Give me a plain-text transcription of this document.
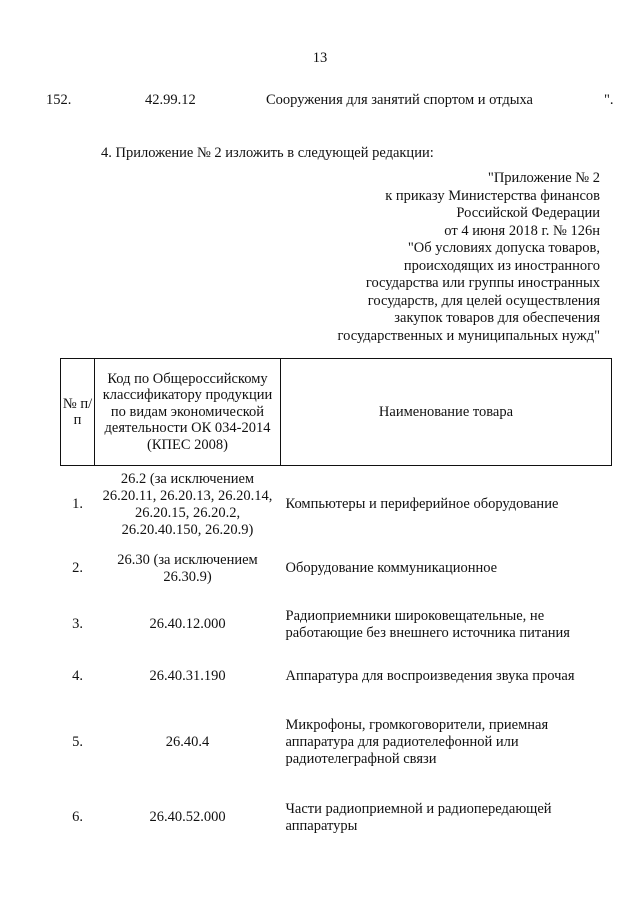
13
152.	42.99.12	Сооружения для занятий спортом и отдыха	".
4. Приложение № 2 изложить в следующей редакции:
"Приложение № 2
к приказу Министерства финансов
Российской Федерации
от 4 июня 2018 г. № 126н
"Об условиях допуска товаров,
происходящих из иностранного
государства или группы иностранных
государств, для целей осуществления
закупок товаров для обеспечения
государственных и муниципальных нужд"
№ п/п	Код по Общероссийскому классификатору продукции по видам экономической деятельности ОК 034-2014 (КПЕС 2008)	Наименование товара
1.	26.2 (за исключением 26.20.11, 26.20.13, 26.20.14, 26.20.15, 26.20.2, 26.20.40.150, 26.20.9)	Компьютеры и периферийное оборудование
2.	26.30 (за исключением 26.30.9)	Оборудование коммуникационное
3.	26.40.12.000	Радиоприемники широковещательные, не работающие без внешнего источника питания
4.	26.40.31.190	Аппаратура для воспроизведения звука прочая
5.	26.40.4	Микрофоны, громкоговорители, приемная аппаратура для радиотелефонной или радиотелеграфной связи
6.	26.40.52.000	Части радиоприемной и радиопередающей аппаратуры
